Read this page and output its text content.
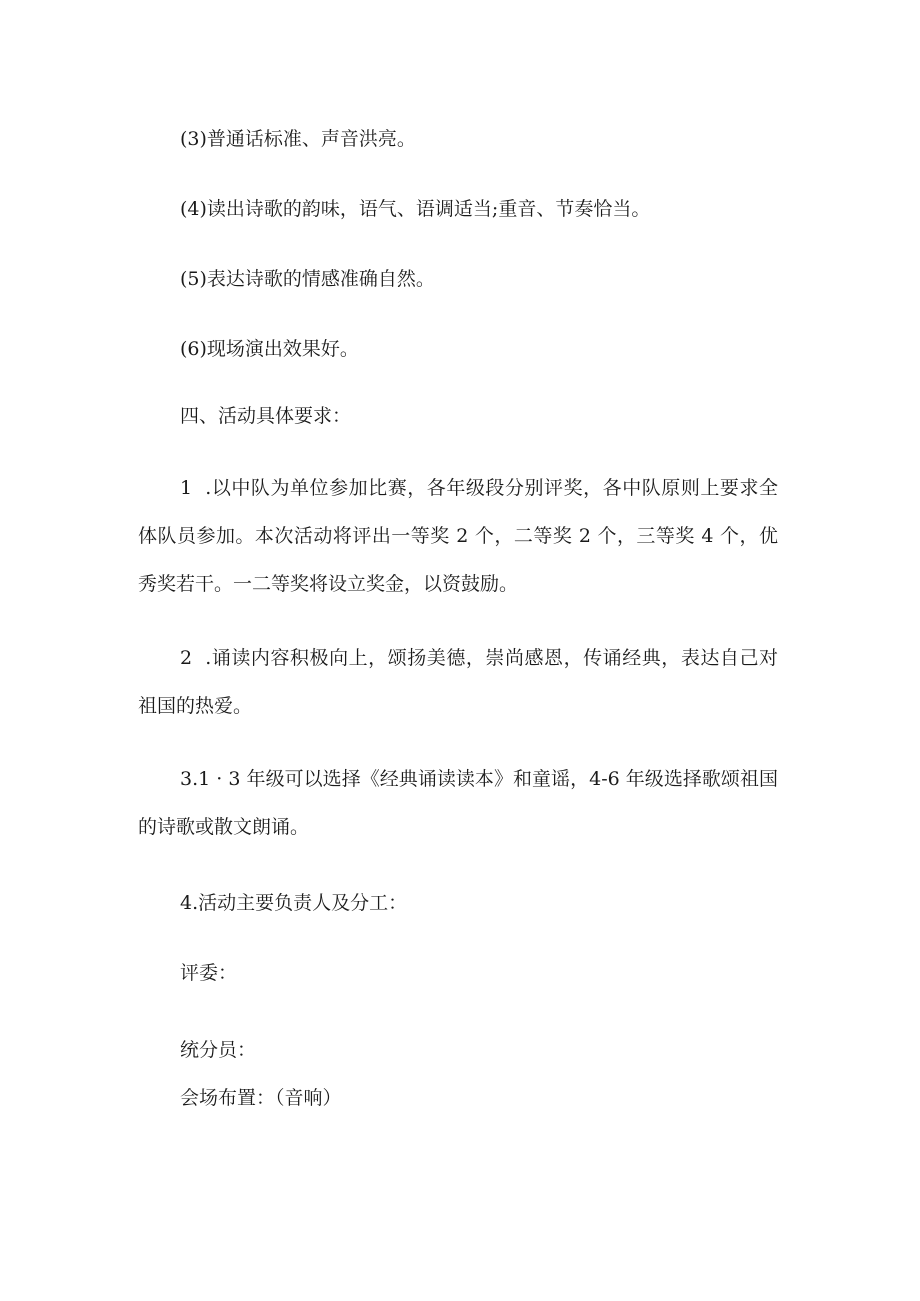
(3)普通话标准、声音洪亮。
(4)读出诗歌的韵味，语气、语调适当;重音、节奏恰当。
(5)表达诗歌的情感准确自然。
(6)现场演出效果好。
四、活动具体要求：
1  .以中队为单位参加比赛，各年级段分别评奖，各中队原则上要求全体队员参加。本次活动将评出一等奖 2 个，二等奖 2 个，三等奖 4 个，优秀奖若干。一二等奖将设立奖金，以资鼓励。
2  .诵读内容积极向上，颂扬美德，崇尚感恩，传诵经典，表达自己对祖国的热爱。
3.1 · 3 年级可以选择《经典诵读读本》和童谣，4-6 年级选择歌颂祖国的诗歌或散文朗诵。
4.活动主要负责人及分工：
评委：
统分员：
会场布置：（音响）
